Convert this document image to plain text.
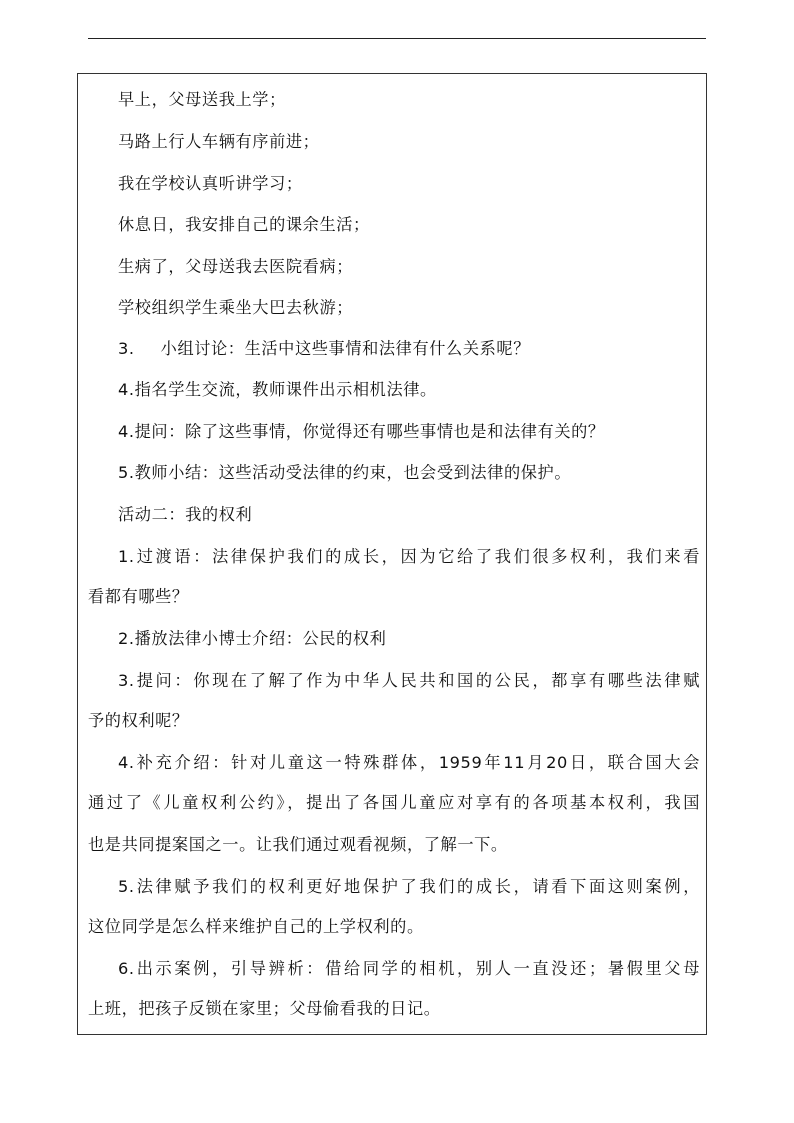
早上，父母送我上学；
马路上行人车辆有序前进；
我在学校认真听讲学习；
休息日，我安排自己的课余生活；
生病了，父母送我去医院看病；
学校组织学生乘坐大巴去秋游；
3. 小组讨论：生活中这些事情和法律有什么关系呢？
4.指名学生交流，教师课件出示相机法律。
4.提问：除了这些事情，你觉得还有哪些事情也是和法律有关的？
5.教师小结：这些活动受法律的约束，也会受到法律的保护。
活动二：我的权利
1.过渡语：法律保护我们的成长，因为它给了我们很多权利，我们来看
看都有哪些？
2.播放法律小博士介绍：公民的权利
3.提问：你现在了解了作为中华人民共和国的公民，都享有哪些法律赋
予的权利呢？
4.补充介绍：针对儿童这一特殊群体，1959年11月20日，联合国大会
通过了《儿童权利公约》，提出了各国儿童应对享有的各项基本权利，我国
也是共同提案国之一。让我们通过观看视频，了解一下。
5.法律赋予我们的权利更好地保护了我们的成长，请看下面这则案例，
这位同学是怎么样来维护自己的上学权利的。
6.出示案例，引导辨析：借给同学的相机，别人一直没还；暑假里父母
上班，把孩子反锁在家里；父母偷看我的日记。
